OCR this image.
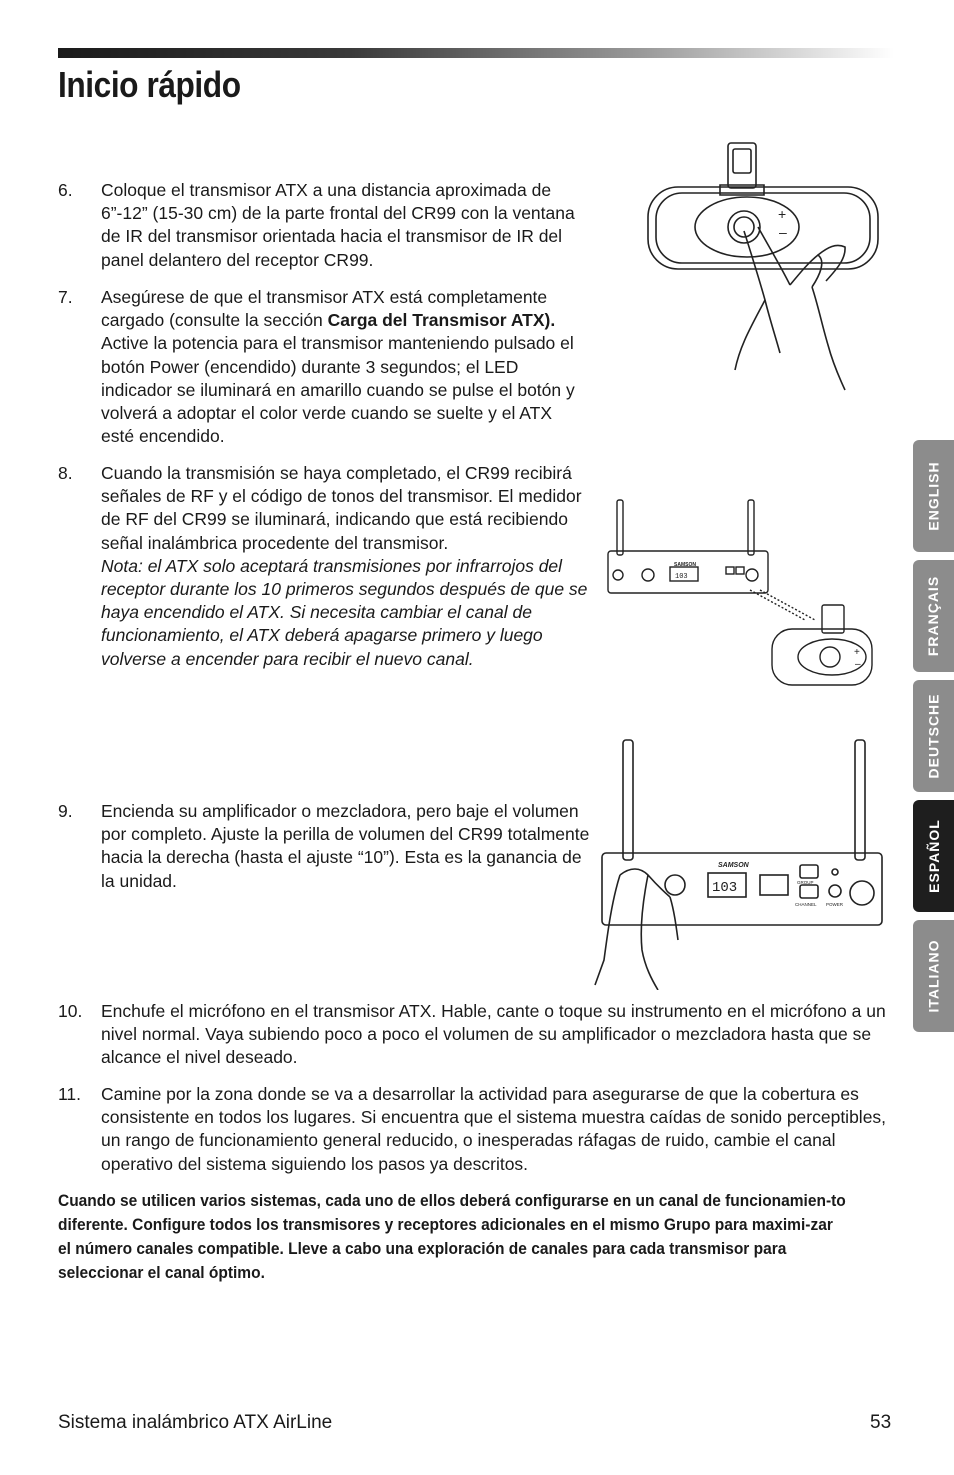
Inicio rápido
6.	Coloque el transmisor ATX a una distancia aproximada de 6”-12” (15-30 cm) de la parte frontal del CR99 con la ventana de IR del transmisor orientada hacia el transmisor de IR del panel delantero del receptor CR99.
7.	Asegúrese de que el transmisor ATX está completamente cargado (consulte la sección Carga del Transmisor ATX). Active la potencia para el transmisor manteniendo pulsado el botón Power (encendido) durante 3 segundos; el LED indicador se iluminará en amarillo cuando se pulse el botón y volverá a adoptar el color verde cuando se suelte y el ATX esté encendido.
8.	Cuando la transmisión se haya completado, el CR99 recibirá señales de RF y el código de tonos del transmisor. El medidor de RF del CR99 se iluminará, indicando que está recibiendo señal inalámbrica procedente del transmisor.
Nota: el ATX solo aceptará transmisiones por infrarrojos del receptor durante los 10 primeros segundos después de que se haya encendido el ATX. Si necesita cambiar el canal de funcionamiento, el ATX deberá apagarse primero y luego volverse a encender para recibir el nuevo canal.
9.	Encienda su amplificador o mezcladora, pero baje el volumen por completo. Ajuste la perilla de volumen del CR99 totalmente hacia la derecha (hasta el ajuste “10”). Esta es la ganancia de la unidad.
10.	Enchufe el micrófono en el transmisor ATX. Hable, cante o toque su instrumento en el micrófono a un nivel normal. Vaya subiendo poco a poco el volumen de su amplificador o mezcladora hasta que se alcance el nivel deseado.
11.	Camine por la zona donde se va a desarrollar la actividad para asegurarse de que la cobertura es consistente en todos los lugares. Si encuentra que el sistema muestra caídas de sonido perceptibles, un rango de funcionamiento general reducido, o inesperadas ráfagas de ruido, cambie el canal operativo del sistema siguiendo los pasos ya descritos.
Cuando se utilicen varios sistemas, cada uno de ellos deberá configurarse en un canal de funcionamien-to diferente. Configure todos los transmisores y receptores adicionales en el mismo Grupo para maximi-zar el número canales compatible. Lleve a cabo una exploración de canales para cada transmisor para seleccionar el canal óptimo.
+
–
+
–
SAMSON
103
SAMSON
103	GROUP
CHANNEL POWER
ENGLISH
FRANÇAIS
DEUTSCHE
ESPAÑOL
ITALIANO
Sistema inalámbrico ATX AirLine	53
